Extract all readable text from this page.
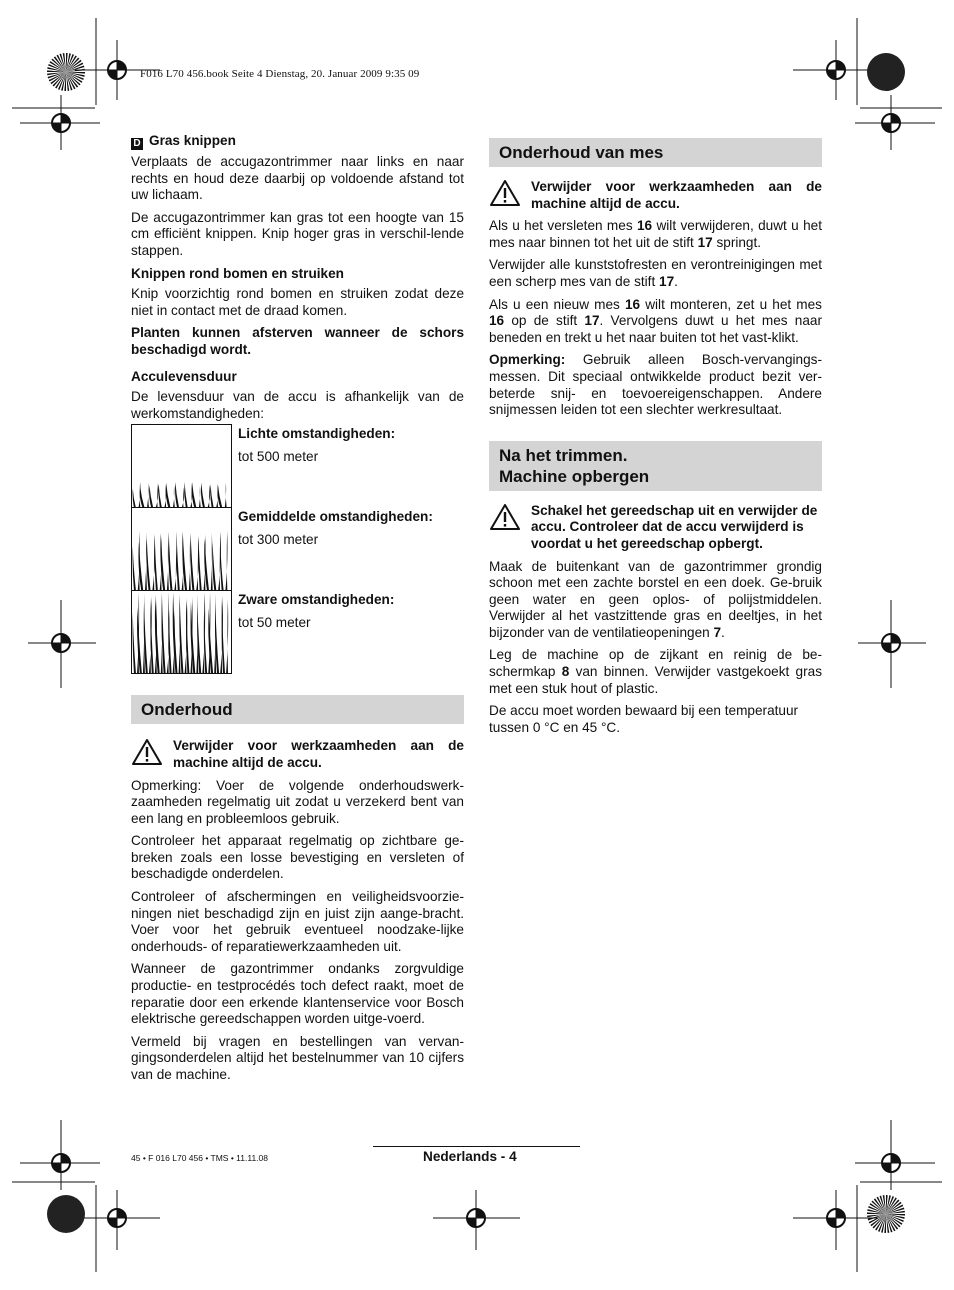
F016 L70 456.book Seite 4 Dienstag, 20. Januar 2009 9:35 09

D Gras knippen

Verplaats de accugazontrimmer naar links en naar rechts en houd deze daarbij op voldoende afstand tot uw lichaam.

De accugazontrimmer kan gras tot een hoogte van 15 cm efficiënt knippen. Knip hoger gras in verschil-lende stappen.

Knippen rond bomen en struiken

Knip voorzichtig rond bomen en struiken zodat deze niet in contact met de draad komen.

Planten kunnen afsterven wanneer de schors beschadigd wordt.

Acculevensduur

De levensduur van de accu is afhankelijk van de werkomstandigheden:

Lichte omstandigheden:
tot 500 meter
Gemiddelde omstandigheden:
tot 300 meter
Zware omstandigheden:
tot 50 meter
Onderhoud
Verwijder voor werkzaamheden aan de machine altijd de accu.

Opmerking: Voer de volgende onderhoudswerk-zaamheden regelmatig uit zodat u verzekerd bent van een lang en probleemloos gebruik.

Controleer het apparaat regelmatig op zichtbare ge-breken zoals een losse bevestiging en versleten of beschadigde onderdelen.

Controleer of afschermingen en veiligheidsvoorzie-ningen niet beschadigd zijn en juist zijn aange-bracht. Voer voor het gebruik eventueel noodzake-lijke onderhouds- of reparatiewerkzaamheden uit.

Wanneer de gazontrimmer ondanks zorgvuldige productie- en testprocédés toch defect raakt, moet de reparatie door een erkende klantenservice voor Bosch elektrische gereedschappen worden uitge-voerd.

Vermeld bij vragen en bestellingen van vervan-gingsonderdelen altijd het bestelnummer van 10 cijfers van de machine.

Onderhoud van mes
Verwijder voor werkzaamheden aan de machine altijd de accu.

Als u het versleten mes 16 wilt verwijderen, duwt u het mes naar binnen tot het uit de stift 17 springt.

Verwijder alle kunststofresten en verontreinigingen met een scherp mes van de stift 17.

Als u een nieuw mes 16 wilt monteren, zet u het mes 16 op de stift 17. Vervolgens duwt u het mes naar beneden en trekt u het naar buiten tot het vast-klikt.

Opmerking: Gebruik alleen Bosch-vervangings-messen. Dit speciaal ontwikkelde product bezit ver-beterde snij- en toevoereigenschappen. Andere snijmessen leiden tot een slechter werkresultaat.

Na het trimmen.
Machine opbergen
Schakel het gereedschap uit en verwijder de accu. Controleer dat de accu verwijderd is voordat u het gereedschap opbergt.

Maak de buitenkant van de gazontrimmer grondig schoon met een zachte borstel en een doek. Ge-bruik geen water en geen oplos- of polijstmiddelen. Verwijder al het vastzittende gras en deeltjes, in het bijzonder van de ventilatieopeningen 7.

Leg de machine op de zijkant en reinig de be-schermkap 8 van binnen. Verwijder vastgekoekt gras met een stuk hout of plastic.

De accu moet worden bewaard bij een temperatuur tussen 0 °C en 45 °C.

45 • F 016 L70 456 • TMS • 11.11.08	Nederlands - 4
